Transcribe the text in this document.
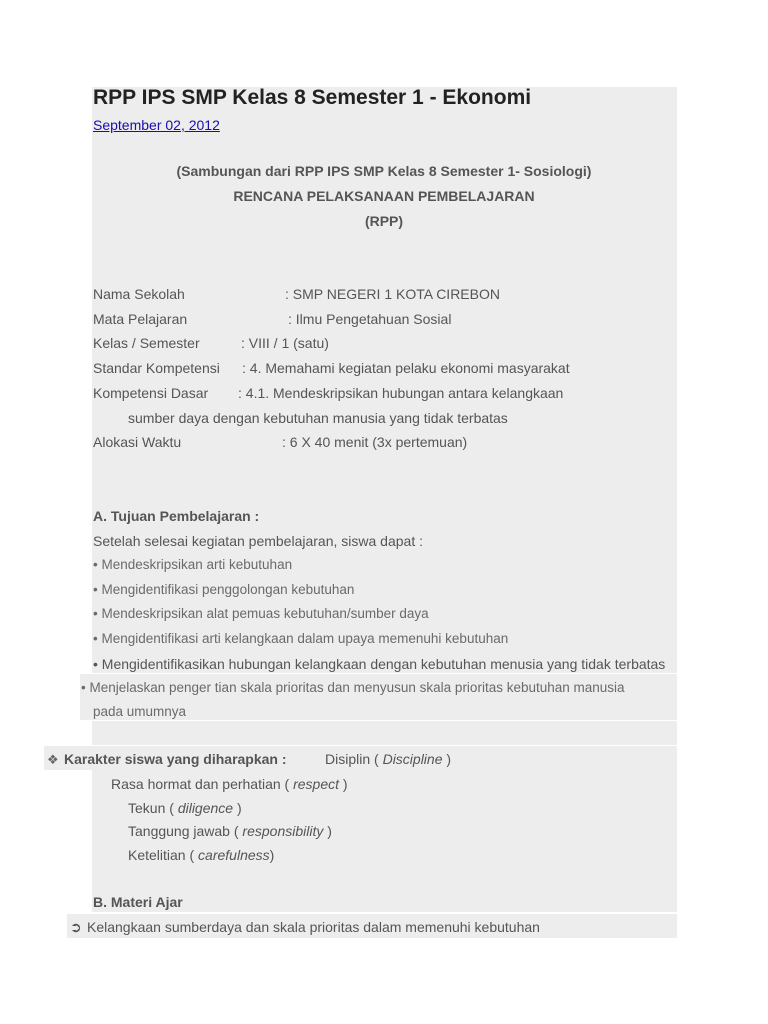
RPP IPS SMP Kelas 8 Semester 1 - Ekonomi
September 02, 2012
(Sambungan dari RPP IPS SMP Kelas 8 Semester 1- Sosiologi)
RENCANA PELAKSANAAN PEMBELAJARAN
(RPP)
Nama Sekolah	: SMP NEGERI 1 KOTA CIREBON
Mata Pelajaran	: Ilmu Pengetahuan Sosial
Kelas / Semester	: VIII / 1 (satu)
Standar Kompetensi : 4. Memahami kegiatan pelaku ekonomi masyarakat
Kompetensi Dasar : 4.1. Mendeskripsikan hubungan antara kelangkaan
sumber daya dengan kebutuhan manusia yang tidak terbatas
Alokasi Waktu	: 6 X 40 menit (3x pertemuan)
A. Tujuan Pembelajaran :
Setelah selesai kegiatan pembelajaran, siswa dapat :
• Mendeskripsikan arti kebutuhan
• Mengidentifikasi penggolongan kebutuhan
• Mendeskripsikan alat pemuas kebutuhan/sumber daya
• Mengidentifikasi arti kelangkaan dalam upaya memenuhi kebutuhan
• Mengidentifikasikan hubungan kelangkaan dengan kebutuhan menusia yang tidak terbatas
• Menjelaskan penger tian skala prioritas dan menyusun skala prioritas kebutuhan manusia
pada umumnya
❖ Karakter siswa yang diharapkan :	Disiplin ( Discipline )
Rasa hormat dan perhatian ( respect )
Tekun ( diligence )
Tanggung jawab ( responsibility )
Ketelitian ( carefulness)
B. Materi Ajar
➲ Kelangkaan sumberdaya dan skala prioritas dalam memenuhi kebutuhan
